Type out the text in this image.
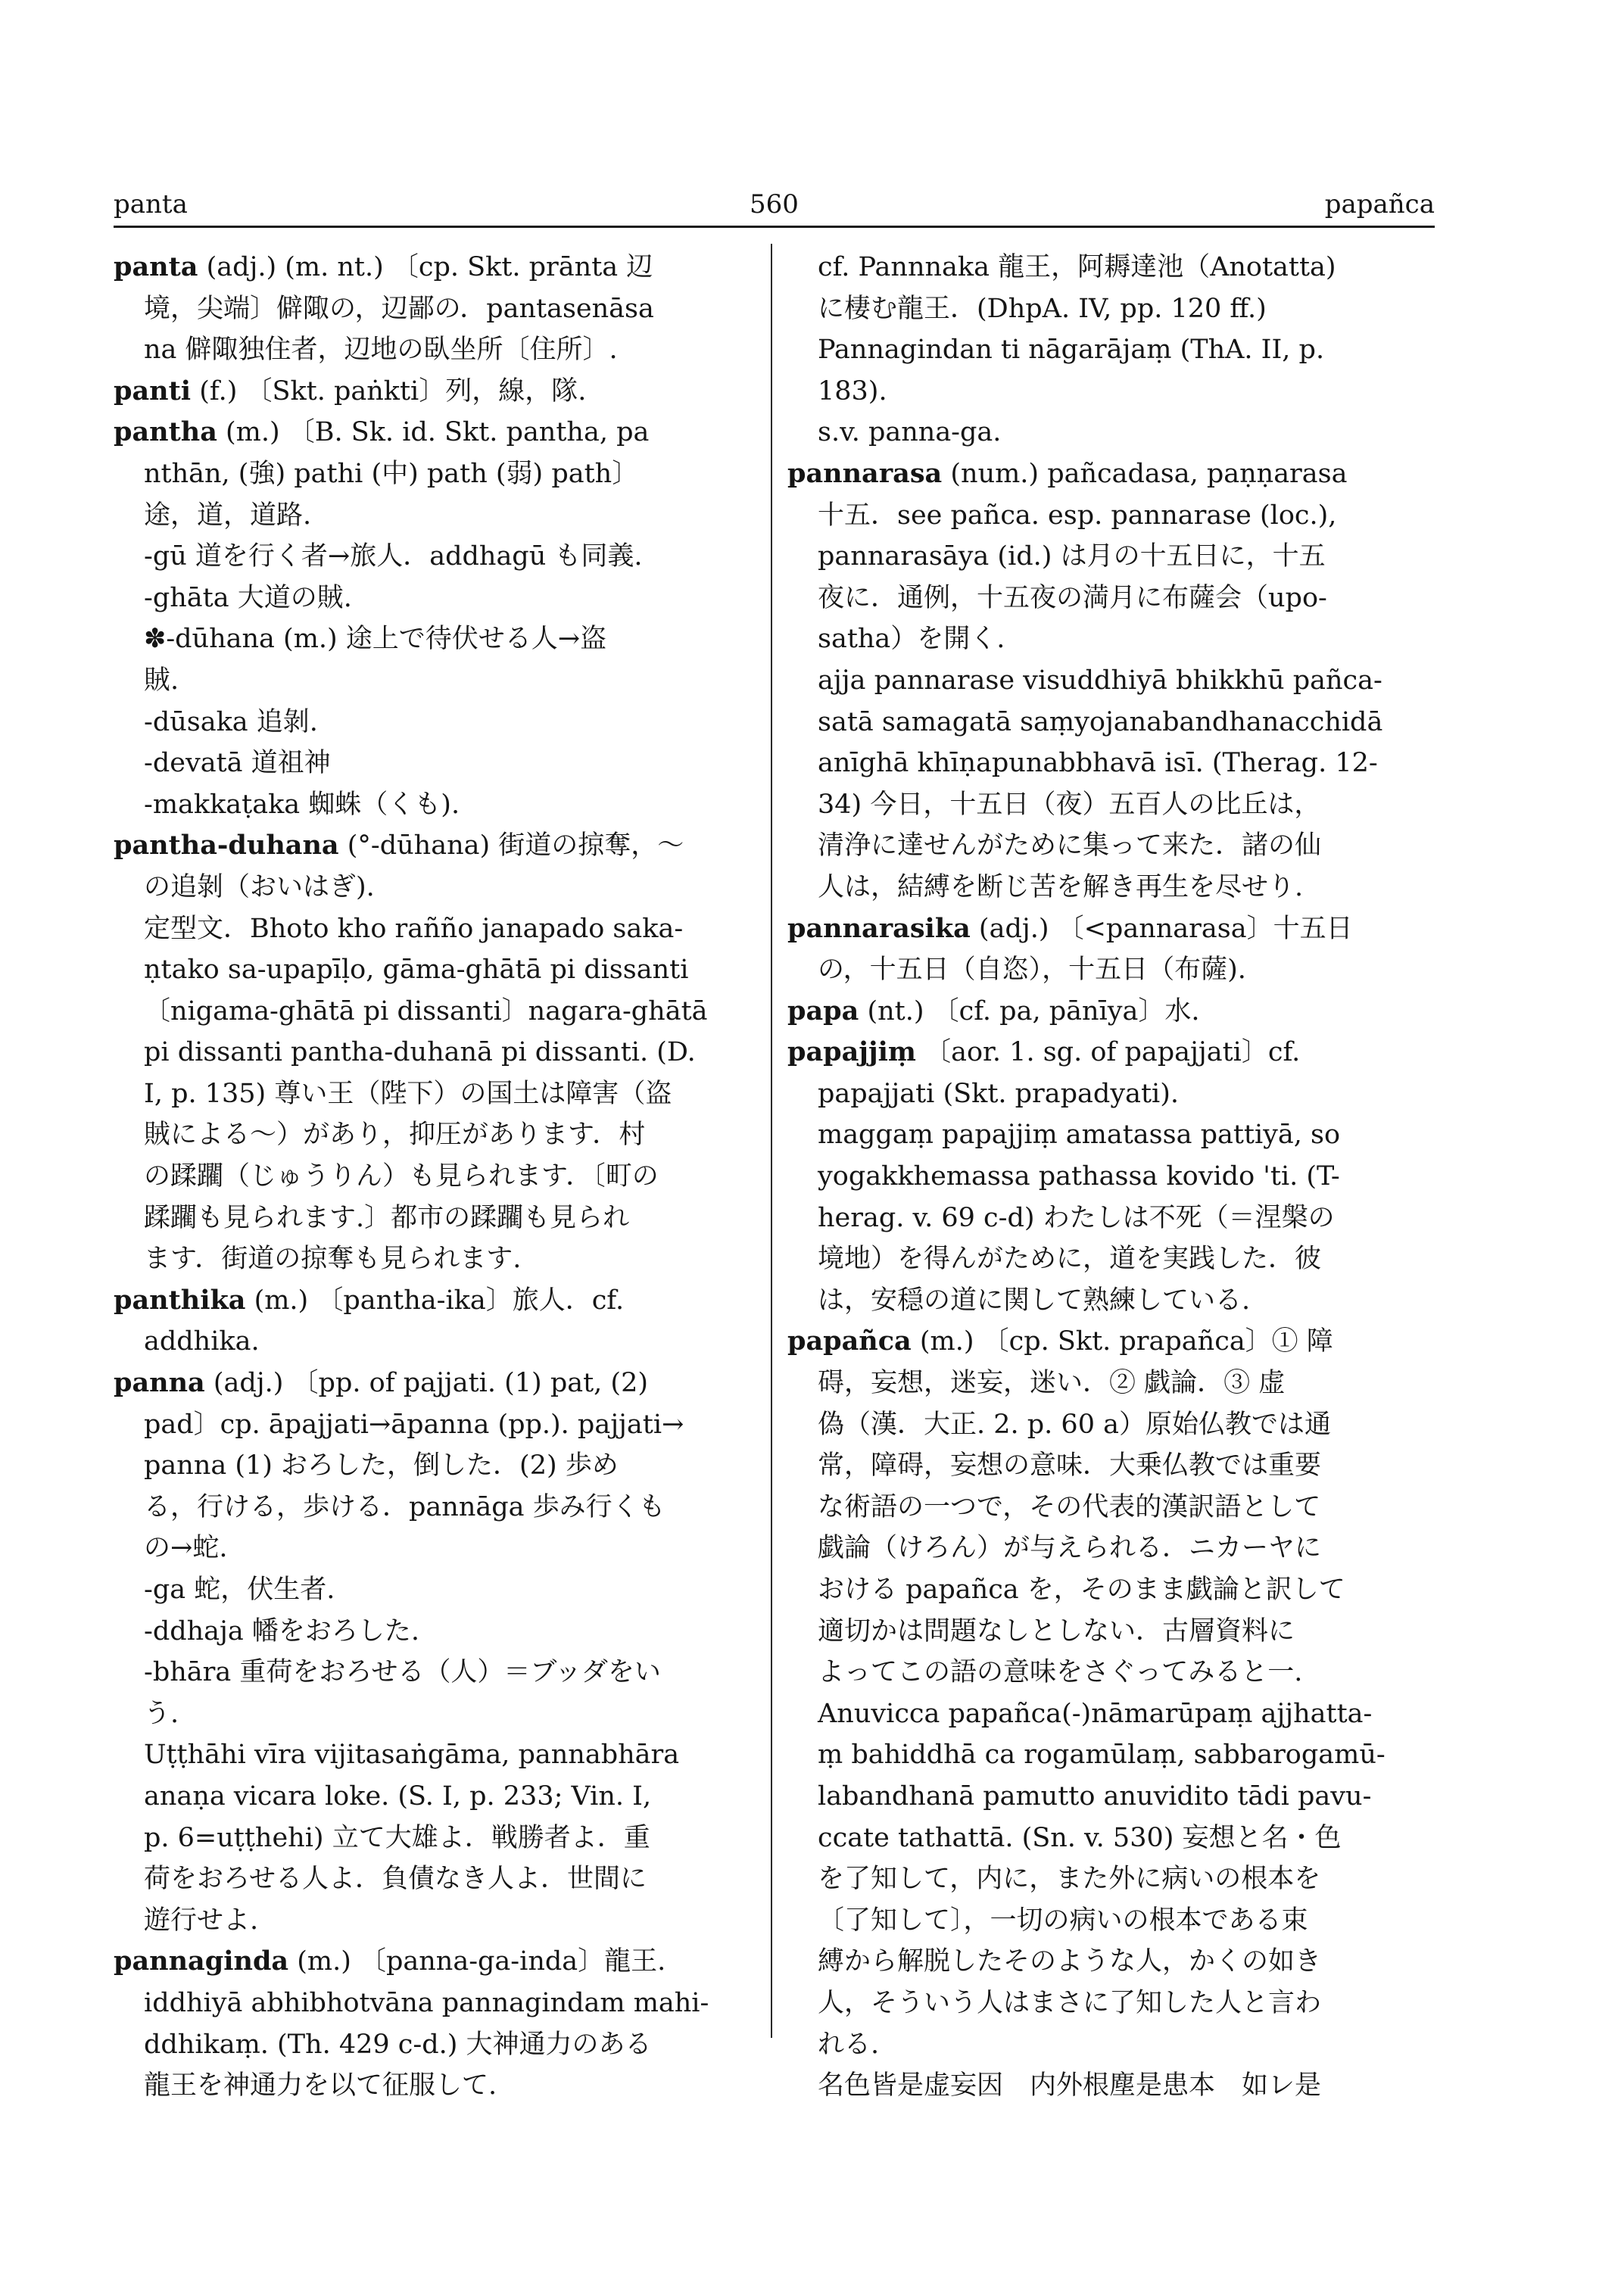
panta	560	papañca
panta (adj.) (m. nt.) 〔cp. Skt. prānta 辺
境，尖端〕僻陬の，辺鄙の．pantasenāsa
na 僻陬独住者，辺地の臥坐所〔住所〕.
panti (f.) 〔Skt. paṅkti〕列，線，隊.
pantha (m.) 〔B. Sk. id. Skt. pantha, pa
nthān, (強) pathi (中) path (弱) path〕
途，道，道路.
-gū 道を行く者→旅人．addhagū も同義.
-ghāta 大道の賊.
✽-dūhana (m.) 途上で待伏せる人→盗
賊.
-dūsaka 追剝.
-devatā 道祖神
-makkaṭaka 蜘蛛（くも).
pantha-duhana (°-dūhana) 街道の掠奪，～
の追剝（おいはぎ).
定型文．Bhoto kho raññо janapado saka-
ṇtako sa-upapīḷo, gāma-ghātā pi dissanti
〔nigama-ghātā pi dissanti〕nagara-ghātā
pi dissanti pantha-duhanā pi dissanti. (D.
I, p. 135) 尊い王（陛下）の国土は障害（盗
賊による～）があり，抑圧があります．村
の蹂躙（じゅうりん）も見られます．〔町の
蹂躙も見られます.〕都市の蹂躙も見られ
ます．街道の掠奪も見られます.
panthika (m.) 〔pantha-ika〕旅人．cf.
addhika.
panna (adj.) 〔pp. of pajjati. (1) pat, (2)
pad〕cp. āpajjati→āpanna (pp.). pajjati→
panna (1) おろした，倒した．(2) 歩め
る，行ける，歩ける．pannāga 歩み行くも
の→蛇.
-ga 蛇，伏生者.
-ddhaja 幡をおろした.
-bhāra 重荷をおろせる（人）＝ブッダをい
う.
Uṭṭhāhi vīra vijitasaṅgāma, pannabhāra
anaṇa vicara loke. (S. I, p. 233; Vin. I,
p. 6=uṭṭhehi) 立て大雄よ．戦勝者よ．重
荷をおろせる人よ．負債なき人よ．世間に
遊行せよ.
pannaginda (m.) 〔panna-ga-inda〕龍王.
iddhiyā abhibhotvāna pannagindam mahi-
ddhikaṃ. (Th. 429 c-d.) 大神通力のある
龍王を神通力を以て征服して.
cf. Pannnaka 龍王，阿耨達池（Anotatta)
に棲む龍王．(DhpA. IV, pp. 120 ff.)
Pannagindan ti nāgarājaṃ (ThA. II, p.
183).
s.v. panna-ga.
pannarasa (num.) pañcadasa, paṇṇarasa
十五．see pañca. esp. pannarase (loc.),
pannarasāya (id.) は月の十五日に，十五
夜に．通例，十五夜の満月に布薩会（upo-
satha）を開く.
ajja pannarase visuddhiyā bhikkhū pañca-
satā samagatā saṃyojanabandhanacchidā
anīghā khīṇapunabbhavā isī. (Therag. 12-
34) 今日，十五日（夜）五百人の比丘は，
清浄に達せんがために集って来た．諸の仙
人は，結縛を断じ苦を解き再生を尽せり.
pannarasika (adj.) 〔<pannarasa〕十五日
の，十五日（自恣），十五日（布薩).
papa (nt.) 〔cf. pa, pānīya〕水.
papajjiṃ 〔aor. 1. sg. of papajjati〕cf.
papajjati (Skt. prapadyati).
maggaṃ papajjiṃ amatassa pattiyā, so
yogakkhemassa pathassa kovido 'ti. (T-
herag. v. 69 c-d) わたしは不死（＝涅槃の
境地）を得んがために，道を実践した．彼
は，安穏の道に関して熟練している.
papañca (m.) 〔cp. Skt. prapañca〕① 障
碍，妄想，迷妄，迷い．② 戯論．③ 虚
偽（漢．大正. 2. p. 60 a）原始仏教では通
常，障碍，妄想の意味．大乗仏教では重要
な術語の一つで，その代表的漢訳語として
戯論（けろん）が与えられる．ニカーヤに
おける papañca を，そのまま戯論と訳して
適切かは問題なしとしない．古層資料に
よってこの語の意味をさぐってみると一.
Anuvicca papañca(-)nāmarūpaṃ ajjhatta-
ṃ bahiddhā ca rogamūlaṃ, sabbarogamū-
labandhanā pamutto anuvidito tādi pavu-
ccate tathattā. (Sn. v. 530) 妄想と名・色
を了知して，内に，また外に病いの根本を
〔了知して〕，一切の病いの根本である束
縛から解脱したそのような人，かくの如き
人，そういう人はまさに了知した人と言わ
れる.
名色皆是虚妄因　内外根塵是患本　如レ是
